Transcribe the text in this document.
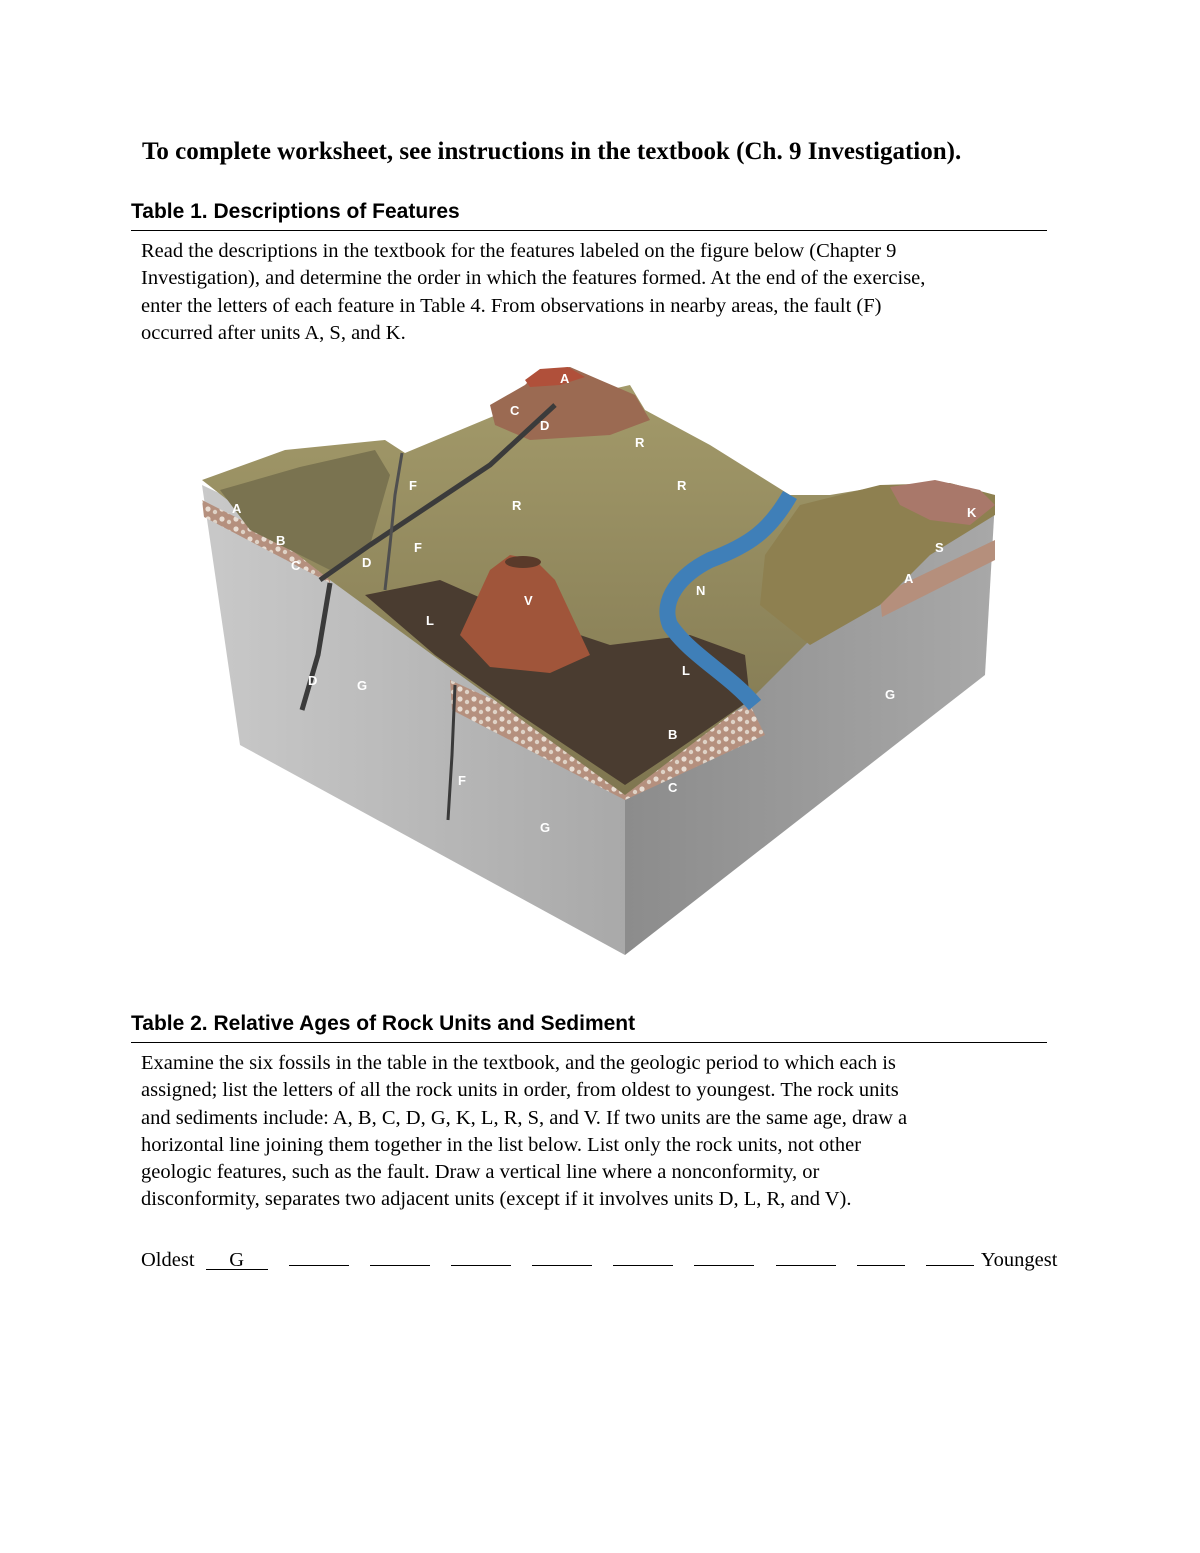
To complete worksheet, see instructions in the textbook (Ch. 9 Investigation).
Table 1. Descriptions of Features
Read the descriptions in the textbook for the features labeled on the figure below (Chapter 9
Investigation), and determine the order in which the features formed. At the end of the exercise,
enter the letters of each feature in Table 4. From observations in nearby areas, the fault (F)
occurred after units A, S, and K.
A
C
D
R
R
R
F
F
A
B
C	D
D	G
L
V
N
L
K
S
A
G
B
C
F
G
Table 2. Relative Ages of Rock Units and Sediment
Examine the six fossils in the table in the textbook, and the geologic period to which each is
assigned; list the letters of all the rock units in order, from oldest to youngest. The rock units
and sediments include: A, B, C, D, G, K, L, R, S, and V. If two units are the same age, draw a
horizontal line joining them together in the list below. List only the rock units, not other
geologic features, such as the fault. Draw a vertical line where a nonconformity, or
disconformity, separates two adjacent units (except if it involves units D, L, R, and V).
Oldest G	Youngest
